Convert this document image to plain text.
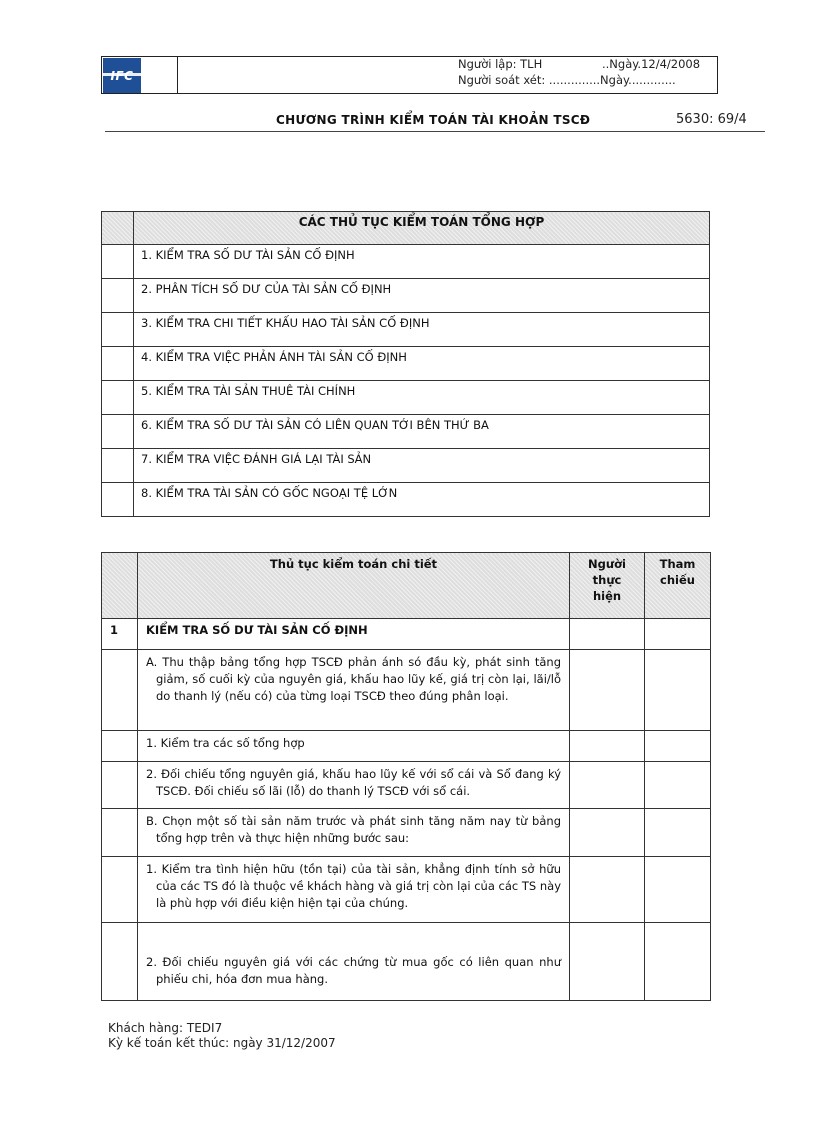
IFC
Người lập: TLH	..Ngày.12/4/2008
Người soát xét: ..............Ngày.............
CHƯƠNG TRÌNH KIỂM TOÁN TÀI KHOẢN TSCĐ	5630: 69/4
	CÁC THỦ TỤC KIỂM TOÁN TỔNG HỢP
	1. KIỂM TRA SỐ DƯ TÀI SẢN CỐ ĐỊNH
	2. PHÂN TÍCH SỐ DƯ CỦA TÀI SẢN CỐ ĐỊNH
	3. KIỂM TRA CHI TIẾT KHẤU HAO TÀI SẢN CỐ ĐỊNH
	4. KIỂM TRA VIỆC PHẢN ÁNH TÀI SẢN CỐ ĐỊNH
	5. KIỂM TRA TÀI SẢN THUÊ TÀI CHÍNH
	6. KIỂM TRA SỐ DƯ TÀI SẢN CÓ LIÊN QUAN TỚI BÊN THỨ BA
	7. KIỂM TRA VIỆC ĐÁNH GIÁ LẠI TÀI SẢN
	8. KIỂM TRA TÀI SẢN CÓ GỐC NGOẠI TỆ LỚN
	Thủ tục kiểm toán chi tiết	Người
thực
hiện	Tham
chiếu
1	KIỂM TRA SỐ DƯ TÀI SẢN CỐ ĐỊNH		

	A. Thu thập bảng tổng hợp TSCĐ phản ánh só đầu kỳ, phát sinh tăng giảm, số cuối kỳ của nguyên giá, khấu hao lũy kế, giá trị còn lại, lãi/lỗ do thanh lý (nếu có) của từng loại TSCĐ theo đúng phân loại.		

	1. Kiểm tra các số tổng hợp		

	2. Đối chiếu tổng nguyên giá, khấu hao lũy kế với sổ cái và Sổ đang ký TSCĐ. Đối chiếu số lãi (lỗ) do thanh lý TSCĐ với sổ cái.		

	B. Chọn một số tài sản năm trước và phát sinh tăng năm nay từ bảng tổng hợp trên và thực hiện những bước sau:		

	1. Kiểm tra tình hiện hữu (tồn tại) của tài sản, khẳng định tính sở hữu của các TS đó là thuộc về khách hàng và giá trị còn lại của các TS này là phù hợp với điều kiện hiện tại của chúng.		

	2. Đối chiếu nguyên giá với các chứng từ mua gốc có liên quan như phiếu chi, hóa đơn mua hàng.		

Khách hàng: TEDI7
Kỳ kế toán kết thúc: ngày 31/12/2007
